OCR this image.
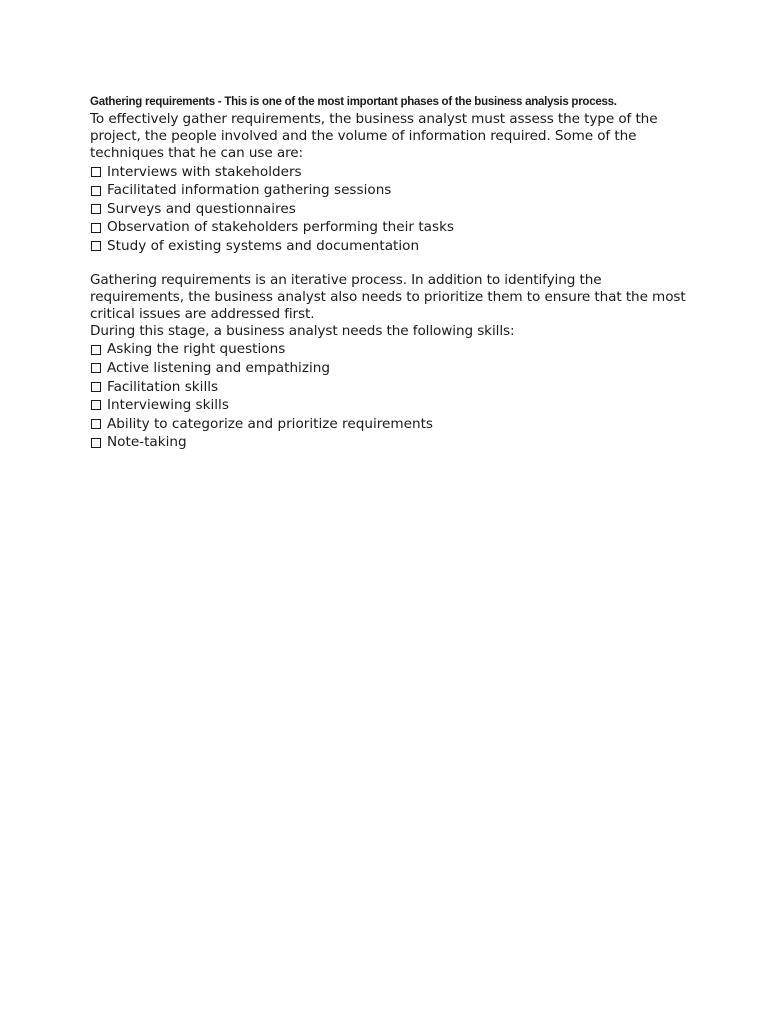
Gathering requirements - This is one of the most important phases of the business analysis process.

To effectively gather requirements, the business analyst must assess the type of the project, the people involved and the volume of information required. Some of the techniques that he can use are:

Interviews with stakeholders
Facilitated information gathering sessions
Surveys and questionnaires
Observation of stakeholders performing their tasks
Study of existing systems and documentation

Gathering requirements is an iterative process. In addition to identifying the requirements, the business analyst also needs to prioritize them to ensure that the most critical issues are addressed first.

During this stage, a business analyst needs the following skills:

Asking the right questions
Active listening and empathizing
Facilitation skills
Interviewing skills
Ability to categorize and prioritize requirements
Note-taking
